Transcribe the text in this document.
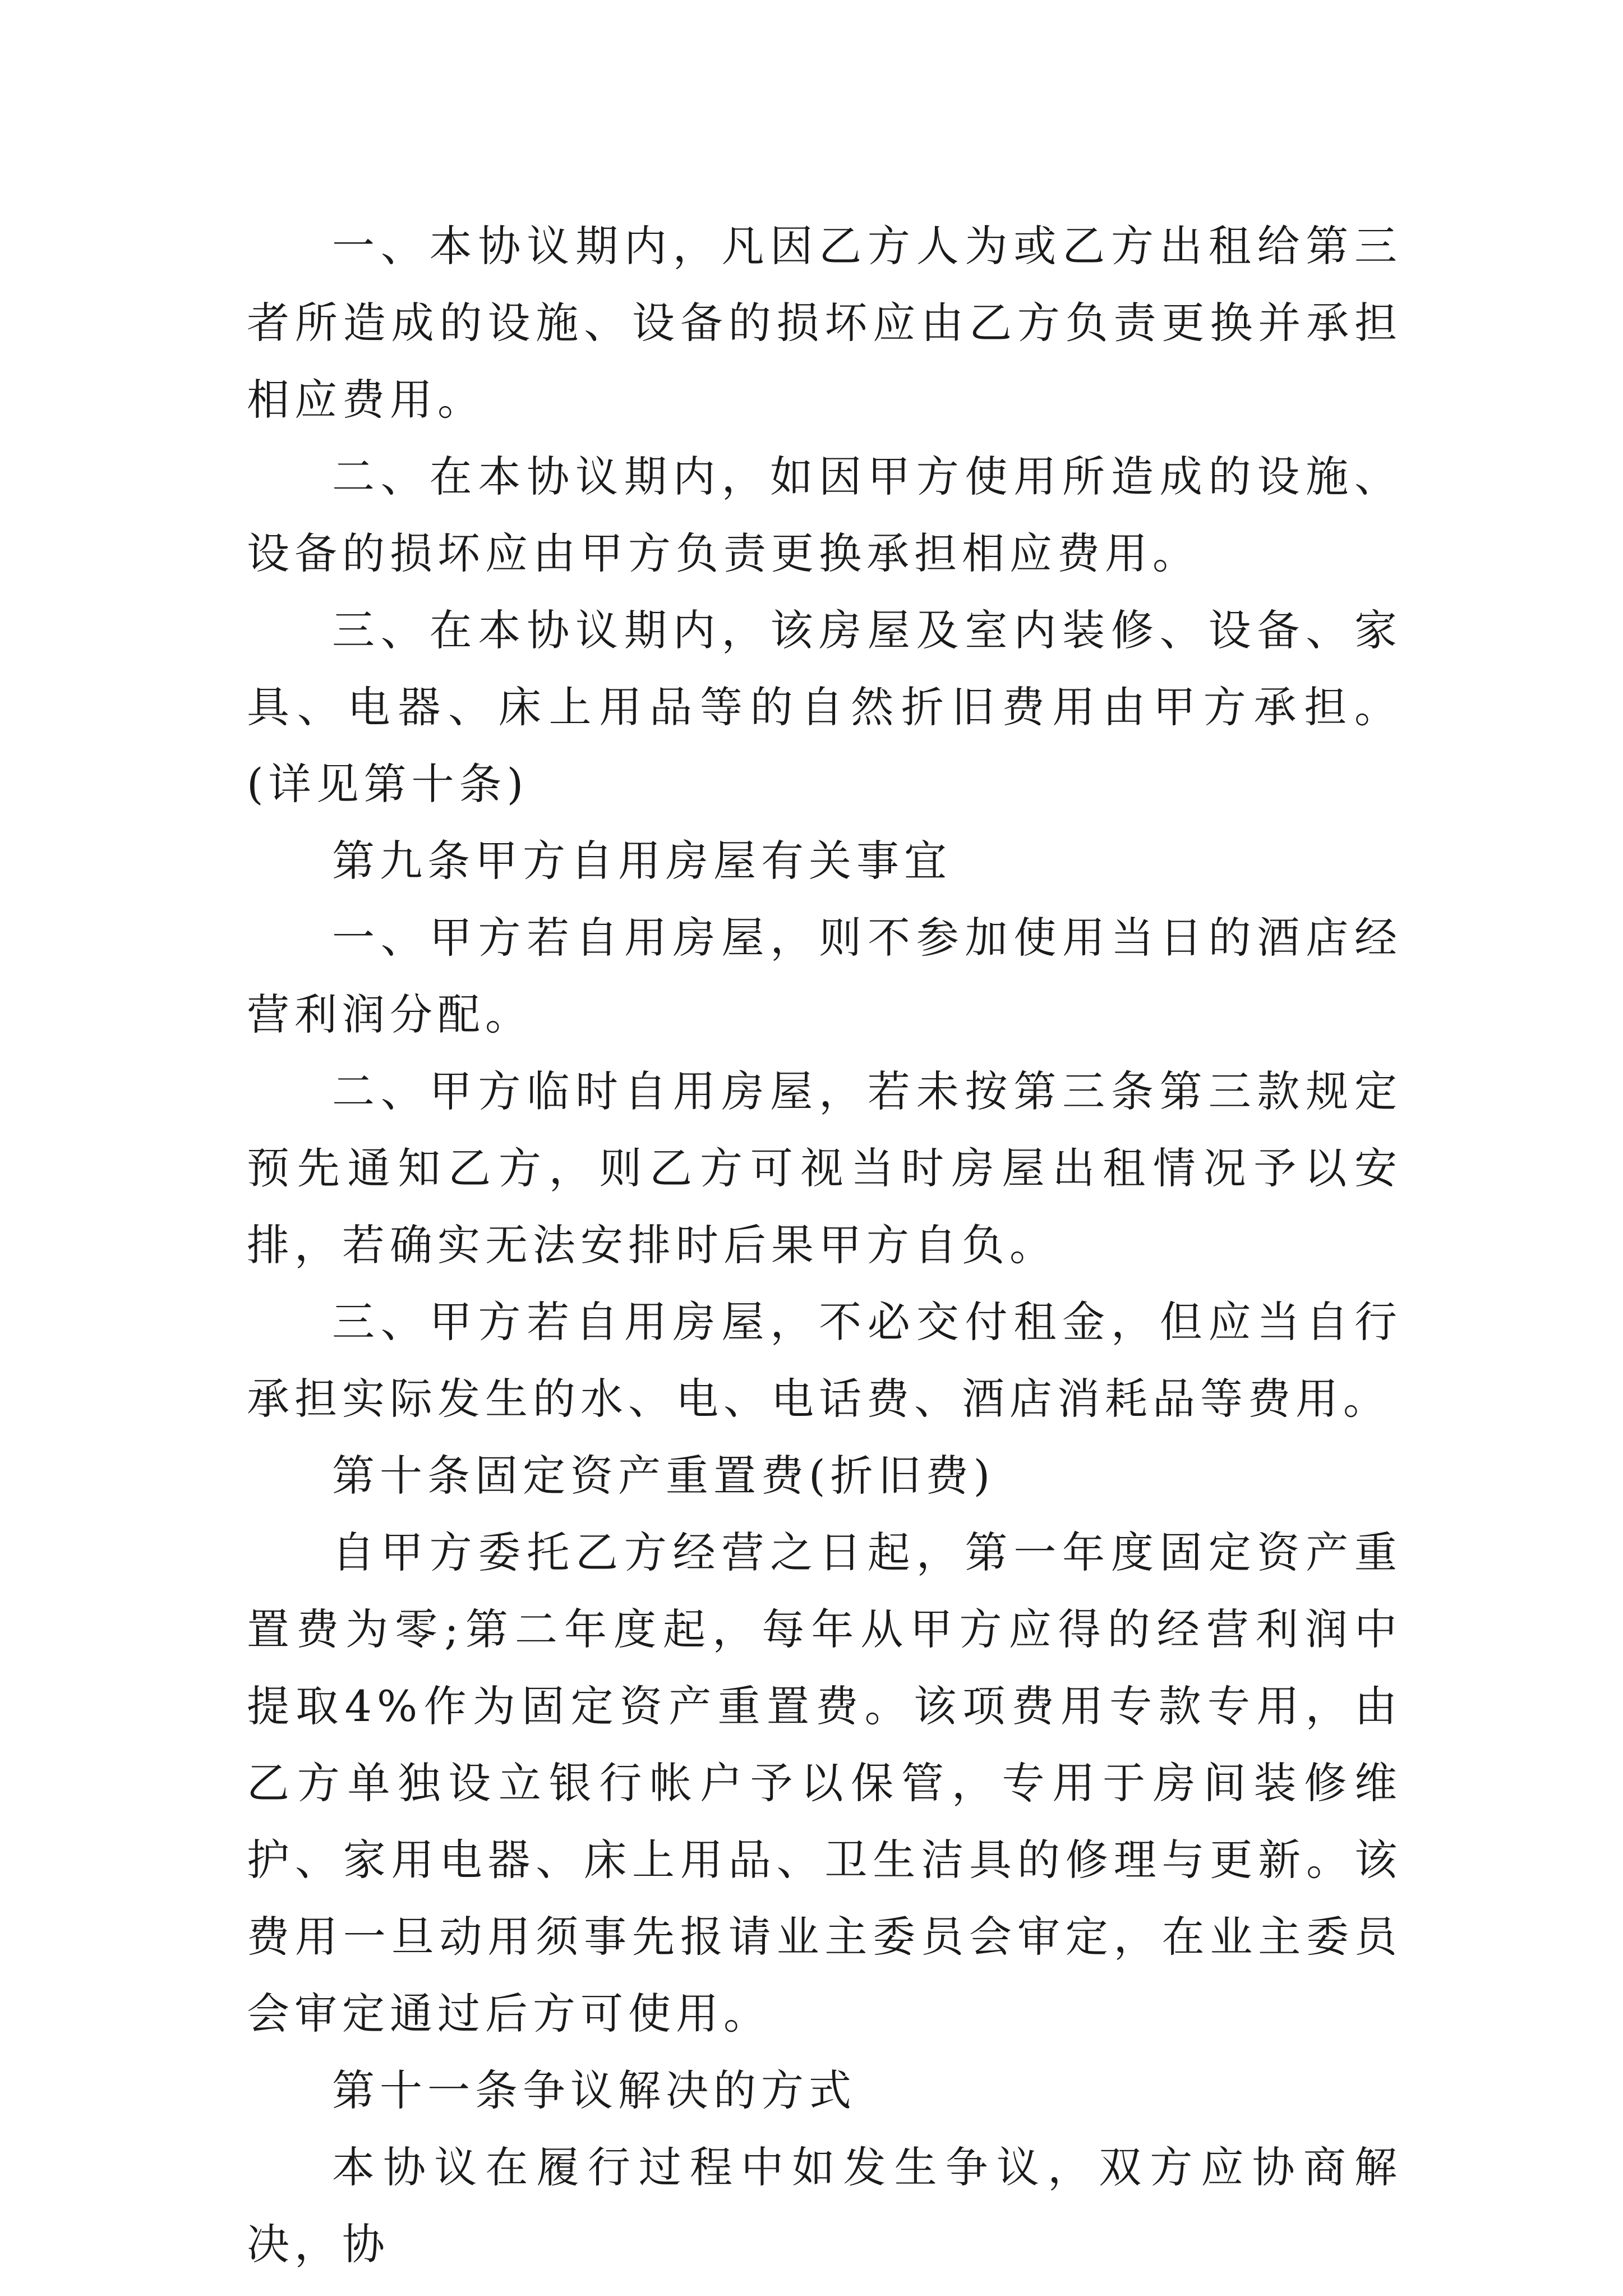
一、本协议期内，凡因乙方人为或乙方出租给第三者所造成的设施、设备的损坏应由乙方负责更换并承担相应费用。

二、在本协议期内，如因甲方使用所造成的设施、设备的损坏应由甲方负责更换承担相应费用。

三、在本协议期内，该房屋及室内装修、设备、家具、电器、床上用品等的自然折旧费用由甲方承担。(详见第十条)

第九条甲方自用房屋有关事宜

一、甲方若自用房屋，则不参加使用当日的酒店经营利润分配。

二、甲方临时自用房屋，若未按第三条第三款规定预先通知乙方，则乙方可视当时房屋出租情况予以安排，若确实无法安排时后果甲方自负。

三、甲方若自用房屋，不必交付租金，但应当自行承担实际发生的水、电、电话费、酒店消耗品等费用。

第十条固定资产重置费(折旧费)

自甲方委托乙方经营之日起，第一年度固定资产重置费为零;第二年度起，每年从甲方应得的经营利润中提取4%作为固定资产重置费。该项费用专款专用，由乙方单独设立银行帐户予以保管，专用于房间装修维护、家用电器、床上用品、卫生洁具的修理与更新。该费用一旦动用须事先报请业主委员会审定，在业主委员会审定通过后方可使用。

第十一条争议解决的方式

本协议在履行过程中如发生争议，双方应协商解决，协
